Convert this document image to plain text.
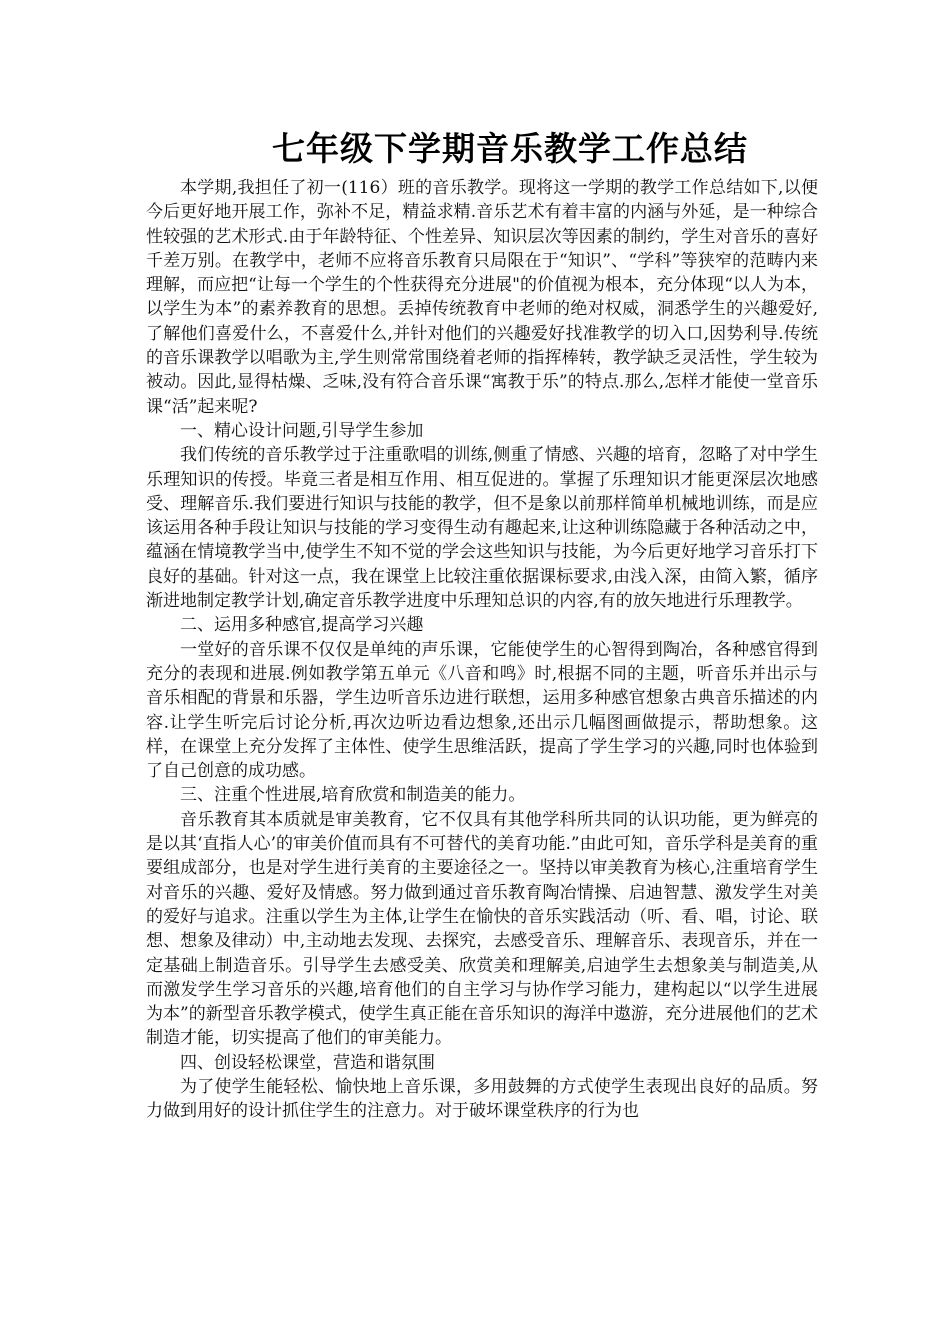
七年级下学期音乐教学工作总结

本学期,我担任了初一(116）班的音乐教学。现将这一学期的教学工作总结如下,以便今后更好地开展工作，弥补不足，精益求精.音乐艺术有着丰富的内涵与外延，是一种综合性较强的艺术形式.由于年龄特征、个性差异、知识层次等因素的制约，学生对音乐的喜好千差万别。在教学中，老师不应将音乐教育只局限在于“知识”、“学科”等狭窄的范畴内来理解，而应把“让每一个学生的个性获得充分进展"的价值视为根本，充分体现“以人为本，以学生为本”的素养教育的思想。丢掉传统教育中老师的绝对权威，洞悉学生的兴趣爱好,了解他们喜爱什么，不喜爱什么,并针对他们的兴趣爱好找准教学的切入口,因势利导.传统的音乐课教学以唱歌为主,学生则常常围绕着老师的指挥棒转，教学缺乏灵活性，学生较为被动。因此,显得枯燥、乏味,没有符合音乐课“寓教于乐”的特点.那么,怎样才能使一堂音乐课“活”起来呢?

一、精心设计问题,引导学生参加

我们传统的音乐教学过于注重歌唱的训练,侧重了情感、兴趣的培育，忽略了对中学生乐理知识的传授。毕竟三者是相互作用、相互促进的。掌握了乐理知识才能更深层次地感受、理解音乐.我们要进行知识与技能的教学，但不是象以前那样简单机械地训练，而是应该运用各种手段让知识与技能的学习变得生动有趣起来,让这种训练隐藏于各种活动之中，蕴涵在情境教学当中,使学生不知不觉的学会这些知识与技能，为今后更好地学习音乐打下良好的基础。针对这一点，我在课堂上比较注重依据课标要求,由浅入深，由简入繁，循序渐进地制定教学计划,确定音乐教学进度中乐理知总识的内容,有的放矢地进行乐理教学。

二、运用多种感官,提高学习兴趣

一堂好的音乐课不仅仅是单纯的声乐课，它能使学生的心智得到陶冶，各种感官得到充分的表现和进展.例如教学第五单元《八音和鸣》时,根据不同的主题，听音乐并出示与音乐相配的背景和乐器，学生边听音乐边进行联想，运用多种感官想象古典音乐描述的内容.让学生听完后讨论分析,再次边听边看边想象,还出示几幅图画做提示，帮助想象。这样，在课堂上充分发挥了主体性、使学生思维活跃，提高了学生学习的兴趣,同时也体验到了自己创意的成功感。

三、注重个性进展,培育欣赏和制造美的能力。

音乐教育其本质就是审美教育，它不仅具有其他学科所共同的认识功能，更为鲜亮的是以其‘直指人心’的审美价值而具有不可替代的美育功能.”由此可知，音乐学科是美育的重要组成部分，也是对学生进行美育的主要途径之一。坚持以审美教育为核心,注重培育学生对音乐的兴趣、爱好及情感。努力做到通过音乐教育陶冶情操、启迪智慧、激发学生对美的爱好与追求。注重以学生为主体,让学生在愉快的音乐实践活动（听、看、唱，讨论、联想、想象及律动）中,主动地去发现、去探究，去感受音乐、理解音乐、表现音乐，并在一定基础上制造音乐。引导学生去感受美、欣赏美和理解美,启迪学生去想象美与制造美,从而激发学生学习音乐的兴趣,培育他们的自主学习与协作学习能力，建构起以“以学生进展为本”的新型音乐教学模式，使学生真正能在音乐知识的海洋中遨游，充分进展他们的艺术制造才能，切实提高了他们的审美能力。

四、创设轻松课堂，营造和谐氛围

为了使学生能轻松、愉快地上音乐课，多用鼓舞的方式使学生表现出良好的品质。努力做到用好的设计抓住学生的注意力。对于破坏课堂秩序的行为也
